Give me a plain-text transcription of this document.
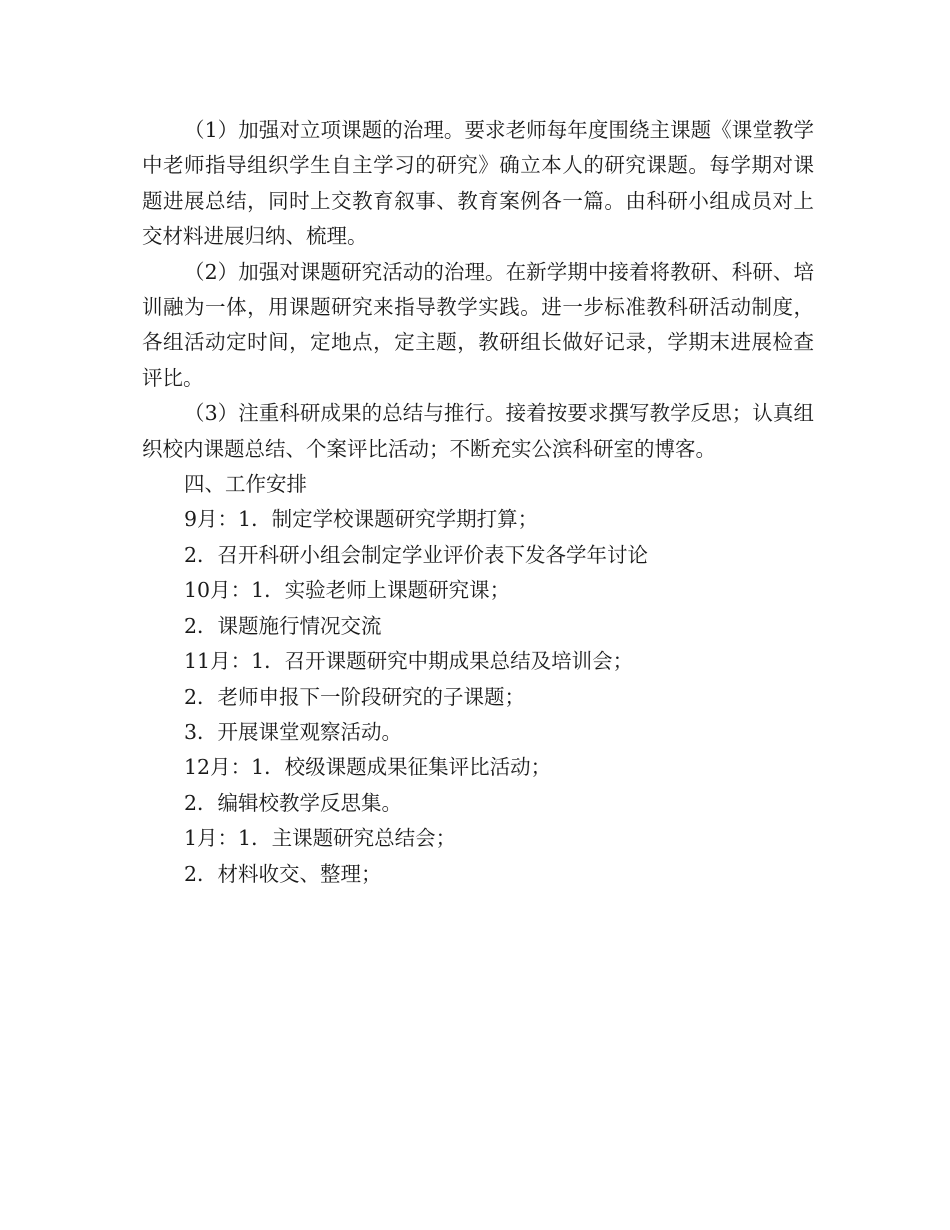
（1）加强对立项课题的治理。要求老师每年度围绕主课题《课堂教学中老师指导组织学生自主学习的研究》确立本人的研究课题。每学期对课题进展总结，同时上交教育叙事、教育案例各一篇。由科研小组成员对上交材料进展归纳、梳理。

（2）加强对课题研究活动的治理。在新学期中接着将教研、科研、培训融为一体，用课题研究来指导教学实践。进一步标准教科研活动制度，各组活动定时间，定地点，定主题，教研组长做好记录，学期末进展检查评比。

（3）注重科研成果的总结与推行。接着按要求撰写教学反思；认真组织校内课题总结、个案评比活动；不断充实公滨科研室的博客。

四、工作安排

9月：1．制定学校课题研究学期打算；

2．召开科研小组会制定学业评价表下发各学年讨论

10月：1．实验老师上课题研究课；

2．课题施行情况交流

11月：1．召开课题研究中期成果总结及培训会；

2．老师申报下一阶段研究的子课题；

3．开展课堂观察活动。

12月：1．校级课题成果征集评比活动；

2．编辑校教学反思集。

1月：1．主课题研究总结会；

2．材料收交、整理；
